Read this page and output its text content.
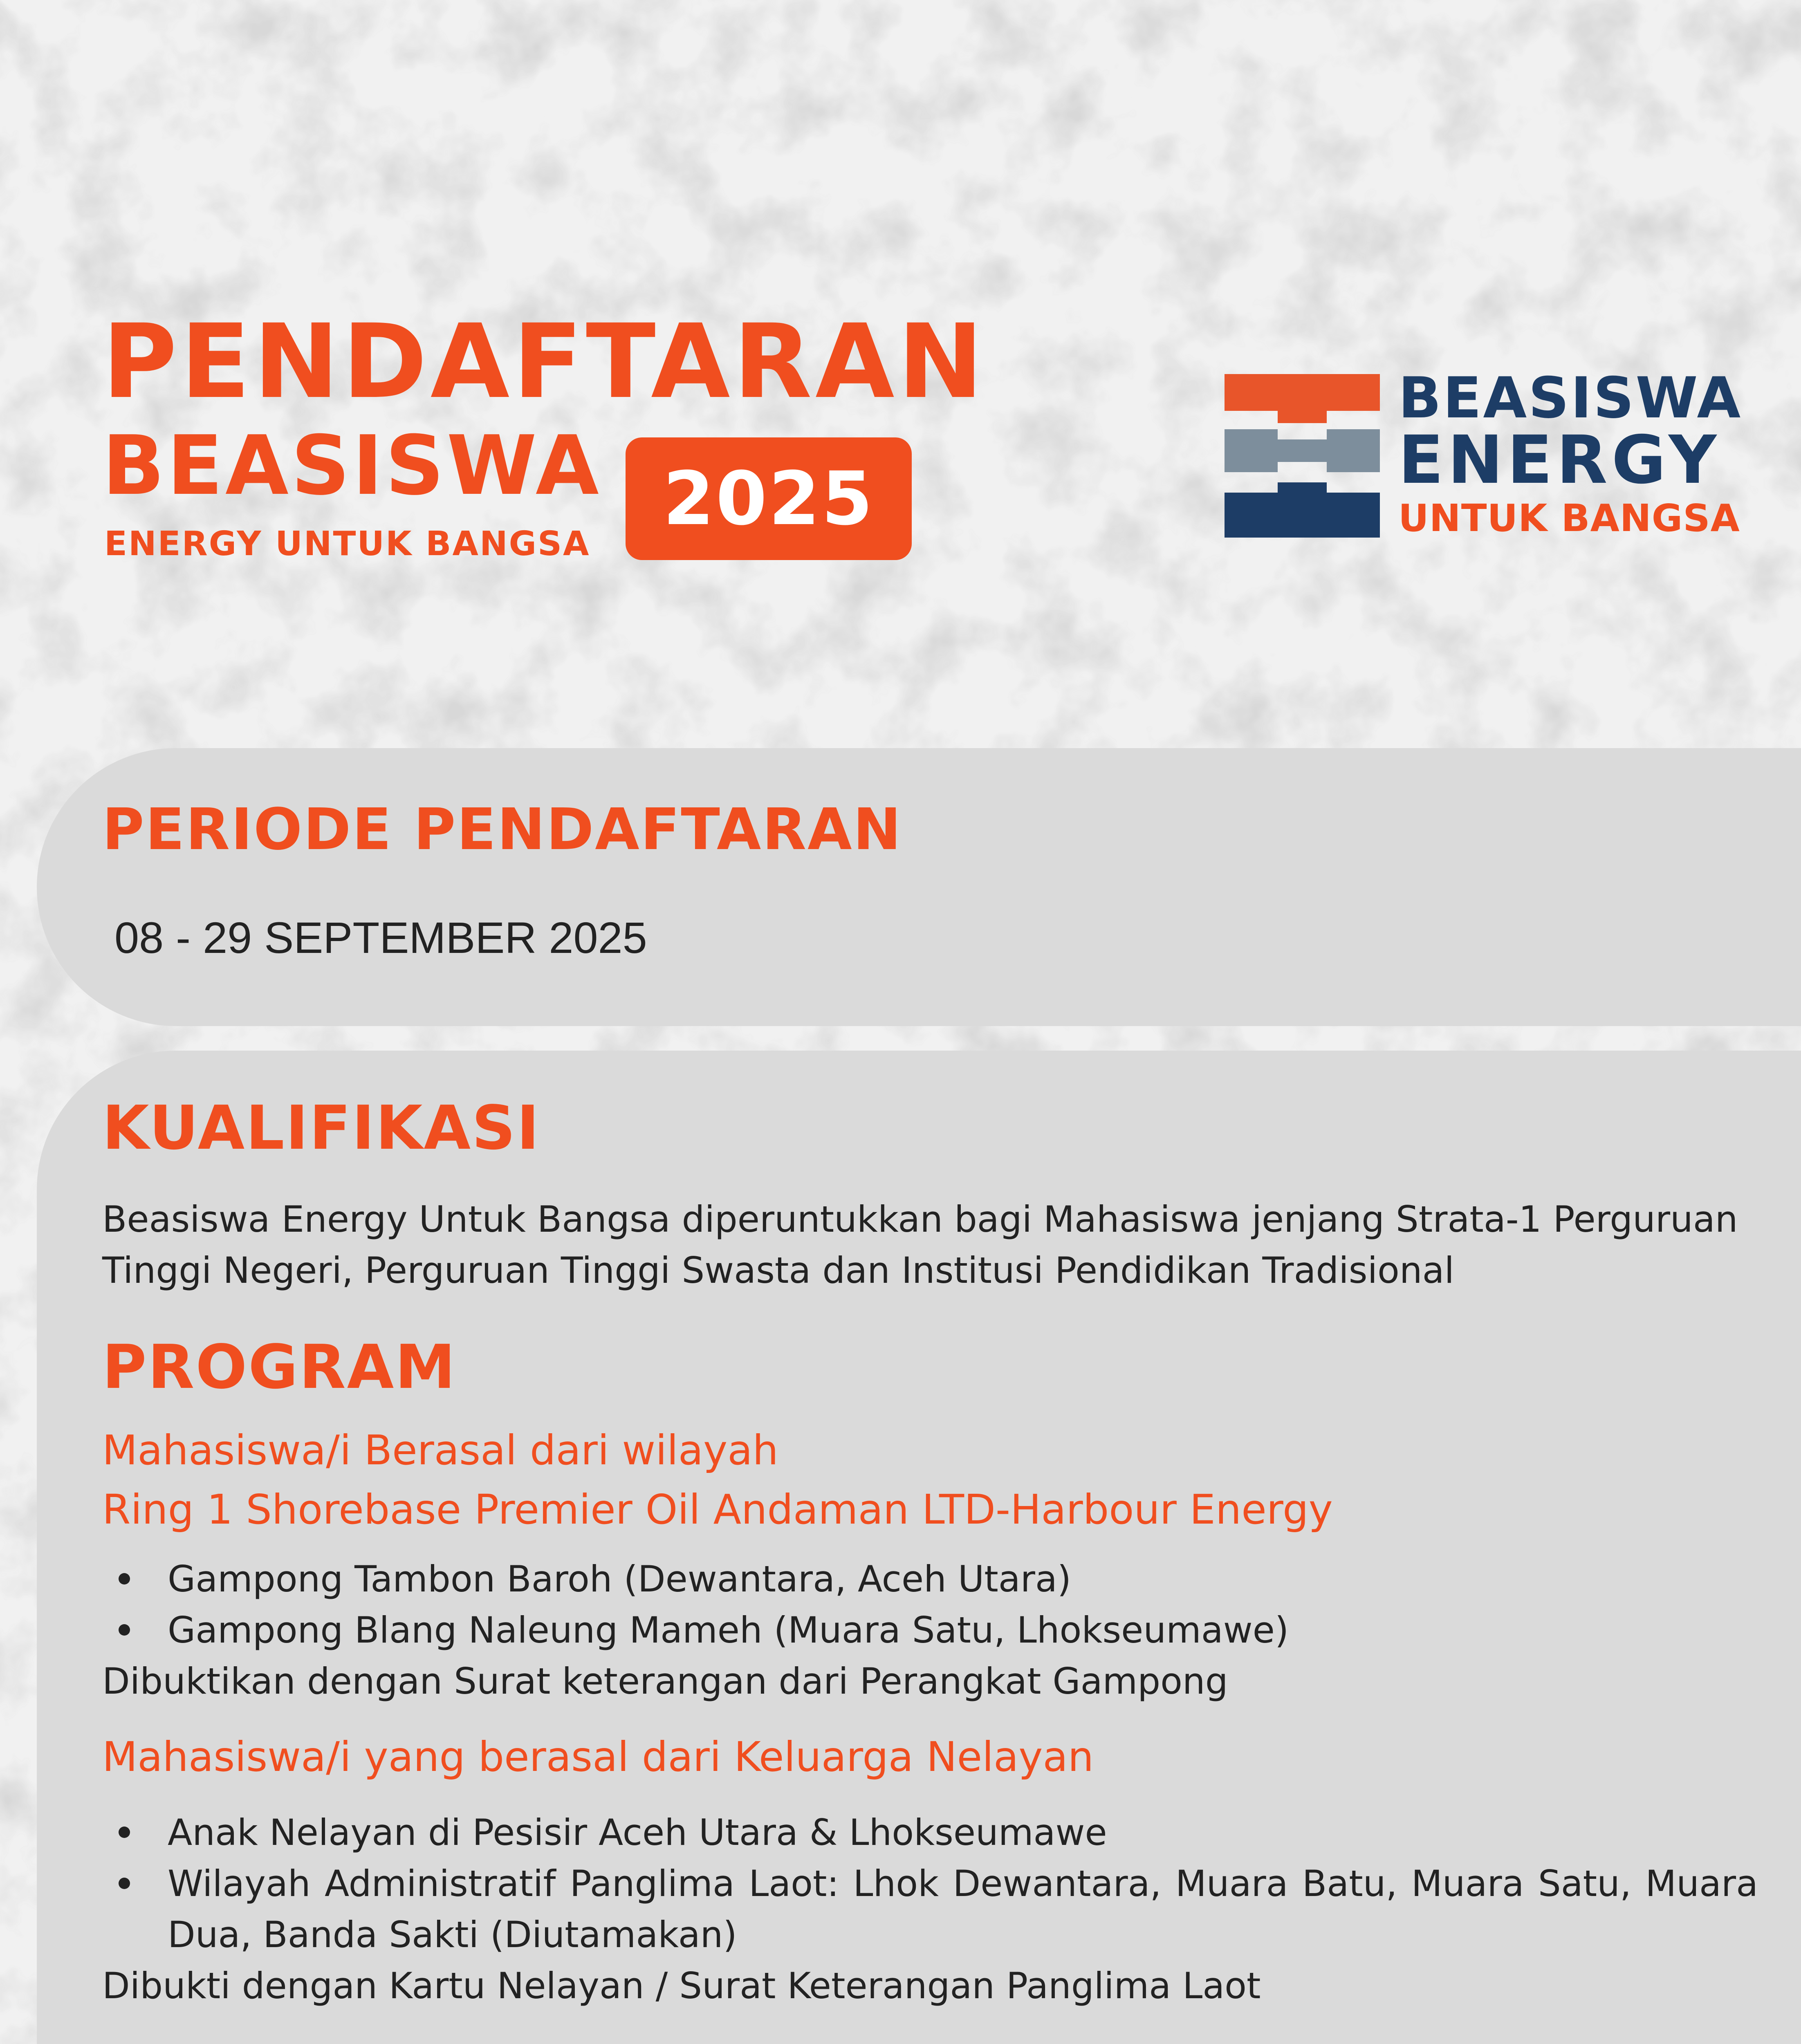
PENDAFTARAN
BEASISWA
ENERGY UNTUK BANGSA
2025
BEASISWA
ENERGY
UNTUK BANGSA
PERIODE PENDAFTARAN
08 - 29 SEPTEMBER 2025
KUALIFIKASI
Beasiswa Energy Untuk Bangsa diperuntukkan bagi Mahasiswa jenjang Strata-1 Perguruan Tinggi Negeri, Perguruan Tinggi Swasta dan Institusi Pendidikan Tradisional
PROGRAM
Mahasiswa/i Berasal dari wilayah
Ring 1 Shorebase Premier Oil Andaman LTD-Harbour Energy
Gampong Tambon Baroh (Dewantara, Aceh Utara)
Gampong Blang Naleung Mameh (Muara Satu, Lhokseumawe)
Dibuktikan dengan Surat keterangan dari Perangkat Gampong
Mahasiswa/i yang berasal dari Keluarga Nelayan
Anak Nelayan di Pesisir Aceh Utara & Lhokseumawe
Wilayah Administratif Panglima Laot: Lhok Dewantara, Muara Batu, Muara Satu, Muara Dua, Banda Sakti (Diutamakan)
Dibukti dengan Kartu Nelayan / Surat Keterangan Panglima Laot
